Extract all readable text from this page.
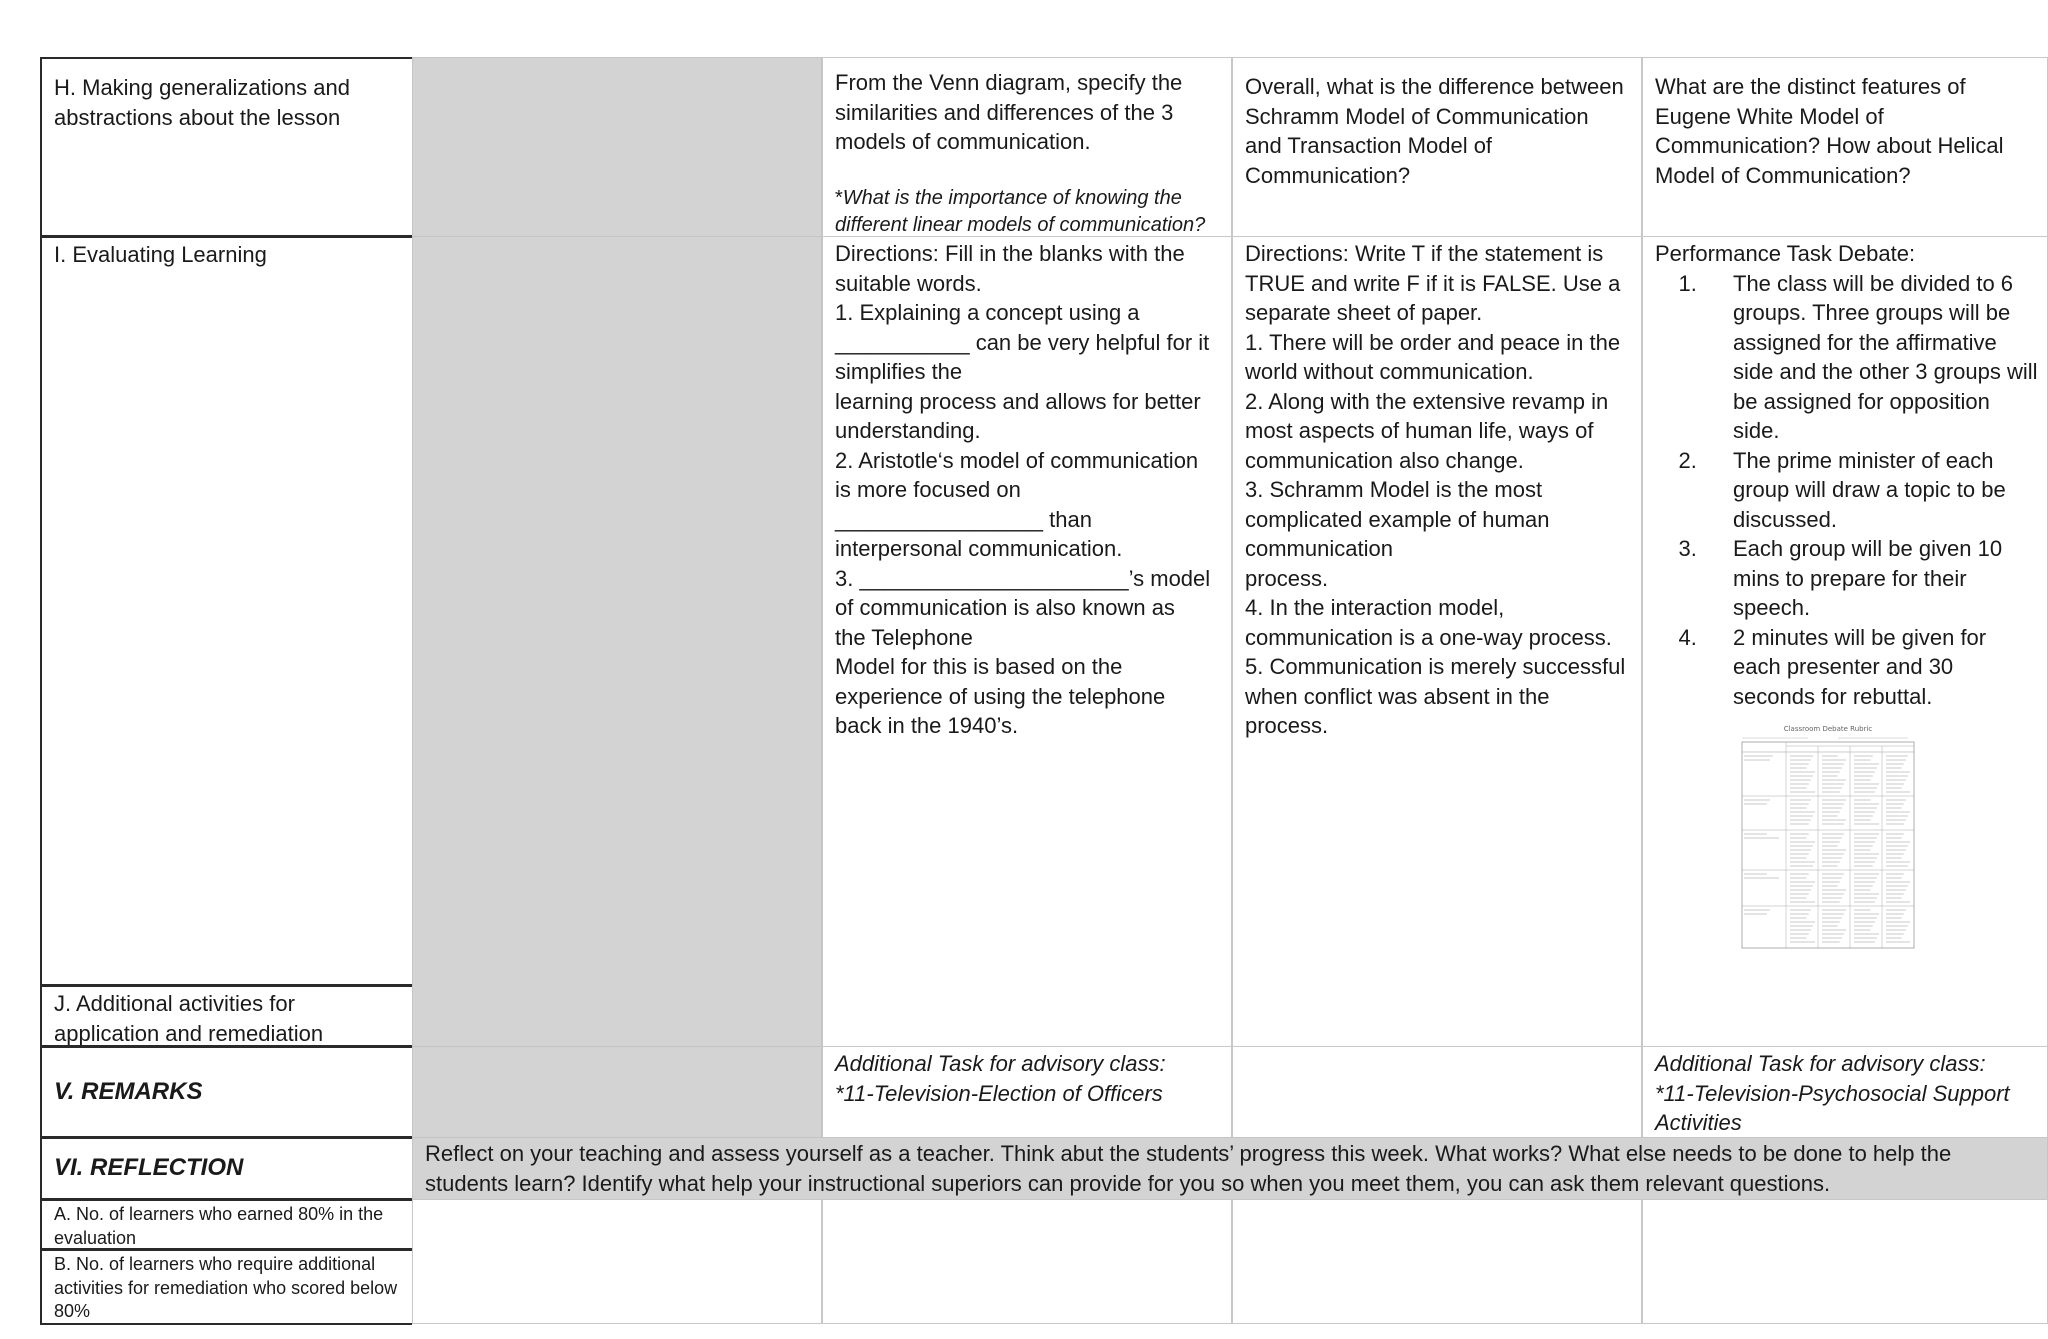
H. Making generalizations and abstractions about the lesson
From the Venn diagram, specify the similarities and differences of the 3 models of communication.
*What is the importance of knowing the different linear models of communication?
Overall, what is the difference between Schramm Model of Communication and Transaction Model of Communication?
What are the distinct features of Eugene White Model of Communication? How about Helical Model of Communication?
I. Evaluating Learning	Directions: Fill in the blanks with the
suitable words.
1. Explaining a concept using a
___________ can be very helpful for it
simplifies the
learning process and allows for better
understanding.
2. Aristotle‘s model of communication
is more focused on
_________________ than
interpersonal communication.
3. ______________________’s model
of communication is also known as
the Telephone
Model for this is based on the
experience of using the telephone
back in the 1940’s.
Directions: Write T if the statement is
TRUE and write F if it is FALSE. Use a
separate sheet of paper.
1. There will be order and peace in the
world without communication.
2. Along with the extensive revamp in
most aspects of human life, ways of
communication also change.
3. Schramm Model is the most
complicated example of human
communication
process.
4. In the interaction model,
communication is a one-way process.
5. Communication is merely successful
when conflict was absent in the
process.
Performance Task Debate:
1. The class will be divided to 6 groups. Three groups will be assigned for the affirmative side and the other 3 groups will be assigned for opposition side.
2. The prime minister of each group will draw a topic to be discussed.
3. Each group will be given 10 mins to prepare for their speech.
4. 2 minutes will be given for each presenter and 30 seconds for rebuttal.
Classroom Debate Rubric
J. Additional activities for application and remediation
V. REMARKS
Additional Task for advisory class:
*11-Television-Election of Officers
Additional Task for advisory class:
*11-Television-Psychosocial Support
Activities
VI. REFLECTION
Reflect on your teaching and assess yourself as a teacher. Think abut the students’ progress this week. What works? What else needs to be done to help the
students learn? Identify what help your instructional superiors can provide for you so when you meet them, you can ask them relevant questions.
A. No. of learners who earned 80% in the evaluation
B. No. of learners who require additional activities for remediation who scored below 80%
